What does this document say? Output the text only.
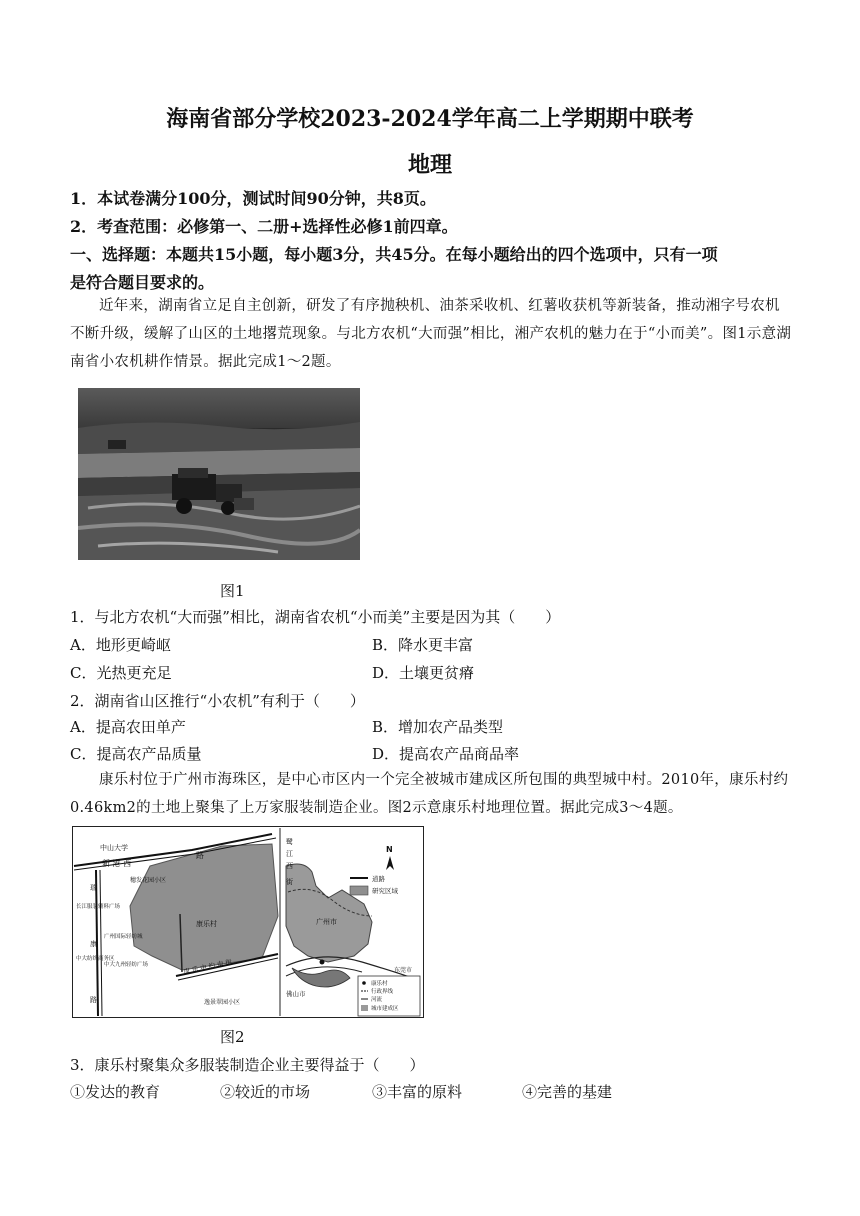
海南省部分学校2023-2024学年高二上学期期中联考
地理
1．本试卷满分100分，测试时间90分钟，共8页。
2．考查范围：必修第一、二册+选择性必修1前四章。
一、选择题：本题共15小题，每小题3分，共45分。在每小题给出的四个选项中，只有一项
是符合题目要求的。
近年来，湖南省立足自主创新，研发了有序抛秧机、油茶采收机、红薯收获机等新装备，推动湘字号农机不断升级，缓解了山区的土地撂荒现象。与北方农机“大而强”相比，湘产农机的魅力在于“小而美”。图1示意湖南省小农机耕作情景。据此完成1～2题。
图1
1．与北方农机“大而强”相比，湖南省农机“小而美”主要是因为其（　　）
A．地形更崎岖	B．降水更丰富
C．光热更充足	D．土壤更贫瘠
2．湖南省山区推行“小农机”有利于（　　）
A．提高农田单产	B．增加农产品类型
C．提高农产品质量	D．提高农产品商品率
康乐村位于广州市海珠区，是中心市区内一个完全被城市建成区所包围的典型城中村。2010年，康乐村约0.46km2的土地上聚集了上万家服装制造企业。图2示意康乐村地理位置。据此完成3～4题。
中山大学
新 港 西
路
瑞
康
路
长江服装辅料广场
中大纺织商务区
中大九州轻纺广场
广州国际轻纺城
穗发花园小区
康乐村
康 乐 中 约 南 街
逸景翠园小区
鹭
江
西
街
N
道路
研究区域
广州市
佛山市
东莞市
康乐村
行政界线
河流
城市建成区
图2
3．康乐村聚集众多服装制造企业主要得益于（　　）
①发达的教育	②较近的市场	③丰富的原料	④完善的基建
